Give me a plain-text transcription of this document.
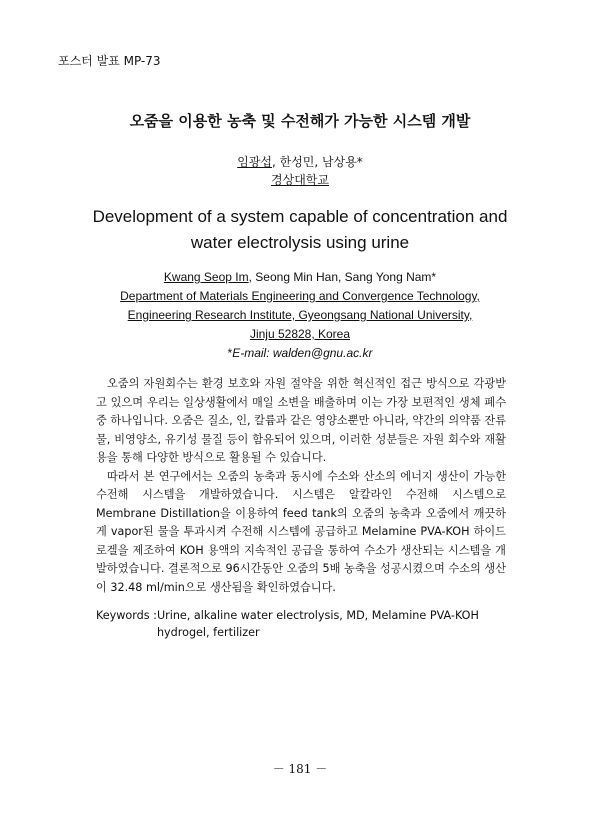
포스터 발표 MP-73
오줌을 이용한 농축 및 수전해가 가능한 시스템 개발
임광섭, 한성민, 남상용*
경상대학교
Development of a system capable of concentration and water electrolysis using urine
Kwang Seop Im, Seong Min Han, Sang Yong Nam*
Department of Materials Engineering and Convergence Technology,
Engineering Research Institute, Gyeongsang National University,
Jinju 52828, Korea
*E-mail: walden@gnu.ac.kr

오줌의 자원회수는 환경 보호와 자원 절약을 위한 혁신적인 접근 방식으로 각광받고 있으며 우리는 일상생활에서 매일 소변을 배출하며 이는 가장 보편적인 생체 폐수 중 하나입니다. 오줌은 질소, 인, 칼륨과 같은 영양소뿐만 아니라, 약간의 의약품 잔류물, 비영양소, 유기성 물질 등이 함유되어 있으며, 이러한 성분들은 자원 회수와 재활용을 통해 다양한 방식으로 활용될 수 있습니다.

따라서 본 연구에서는 오줌의 농축과 동시에 수소와 산소의 에너지 생산이 가능한 수전해 시스템을 개발하였습니다. 시스템은 알칼라인 수전해 시스템으로 Membrane Distillation을 이용하여 feed tank의 오줌의 농축과 오줌에서 깨끗하게 vapor된 물을 투과시켜 수전해 시스템에 공급하고 Melamine PVA-KOH 하이드로겔을 제조하여 KOH 용액의 지속적인 공급을 통하여 수소가 생산되는 시스템을 개발하였습니다. 결론적으로 96시간동안 오줌의 5배 농축을 성공시켰으며 수소의 생산이 32.48 ml/min으로 생산됨을 확인하였습니다.

Keywords : Urine, alkaline water electrolysis, MD, Melamine PVA-KOH hydrogel, fertilizer
－ 181 －
